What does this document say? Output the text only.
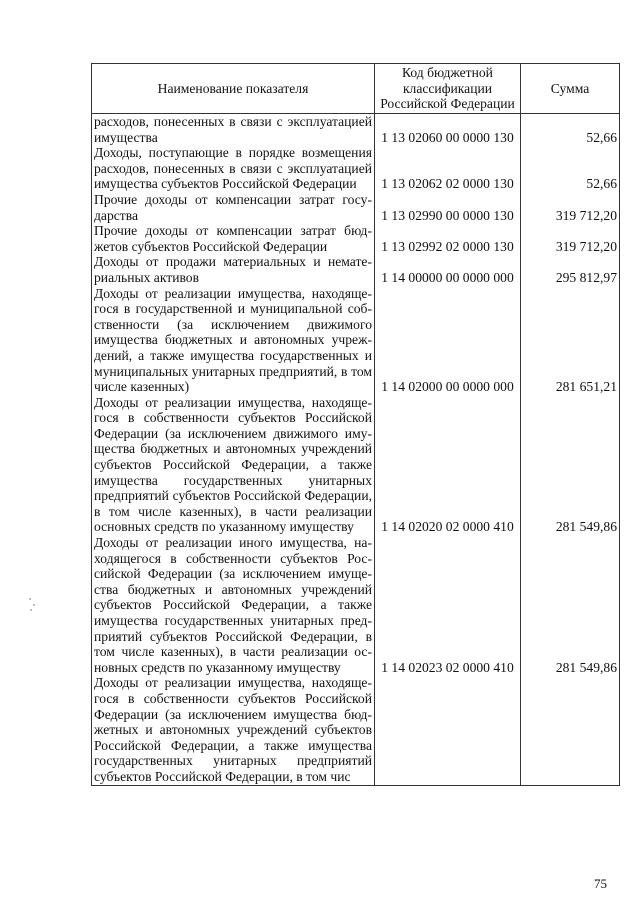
Наименование показателя	Код бюджетной классификации Российской Федерации	Сумма
расходов, понесенных в связи с эксплуатацией имущества	1 13 02060 00 0000 130	52,66
Доходы, поступающие в порядке возмещения расходов, понесенных в связи с эксплуатацией имущества субъектов Российской Федерации	1 13 02062 02 0000 130	52,66
Прочие доходы от компенсации затрат государства	1 13 02990 00 0000 130	319 712,20
Прочие доходы от компенсации затрат бюджетов субъектов Российской Федерации	1 13 02992 02 0000 130	319 712,20
Доходы от продажи материальных и нематериальных активов	1 14 00000 00 0000 000	295 812,97
Доходы от реализации имущества, находящегося в государственной и муниципальной собственности (за исключением движимого имущества бюджетных и автономных учреждений, а также имущества государственных и муниципальных унитарных предприятий, в том числе казенных)	1 14 02000 00 0000 000	281 651,21
Доходы от реализации имущества, находящегося в собственности субъектов Российской Федерации (за исключением движимого имущества бюджетных и автономных учреждений субъектов Российской Федерации, а также имущества государственных унитарных предприятий субъектов Российской Федерации, в том числе казенных), в части реализации основных средств по указанному имуществу	1 14 02020 02 0000 410	281 549,86
Доходы от реализации иного имущества, находящегося в собственности субъектов Российской Федерации (за исключением имущества бюджетных и автономных учреждений субъектов Российской Федерации, а также имущества государственных унитарных предприятий субъектов Российской Федерации, в том числе казенных), в части реализации основных средств по указанному имуществу	1 14 02023 02 0000 410	281 549,86
Доходы от реализации имущества, находящегося в собственности субъектов Российской Федерации (за исключением имущества бюджетных и автономных учреждений субъектов Российской Федерации, а также имущества государственных унитарных предприятий субъектов Российской Федерации, в том чис		
75
